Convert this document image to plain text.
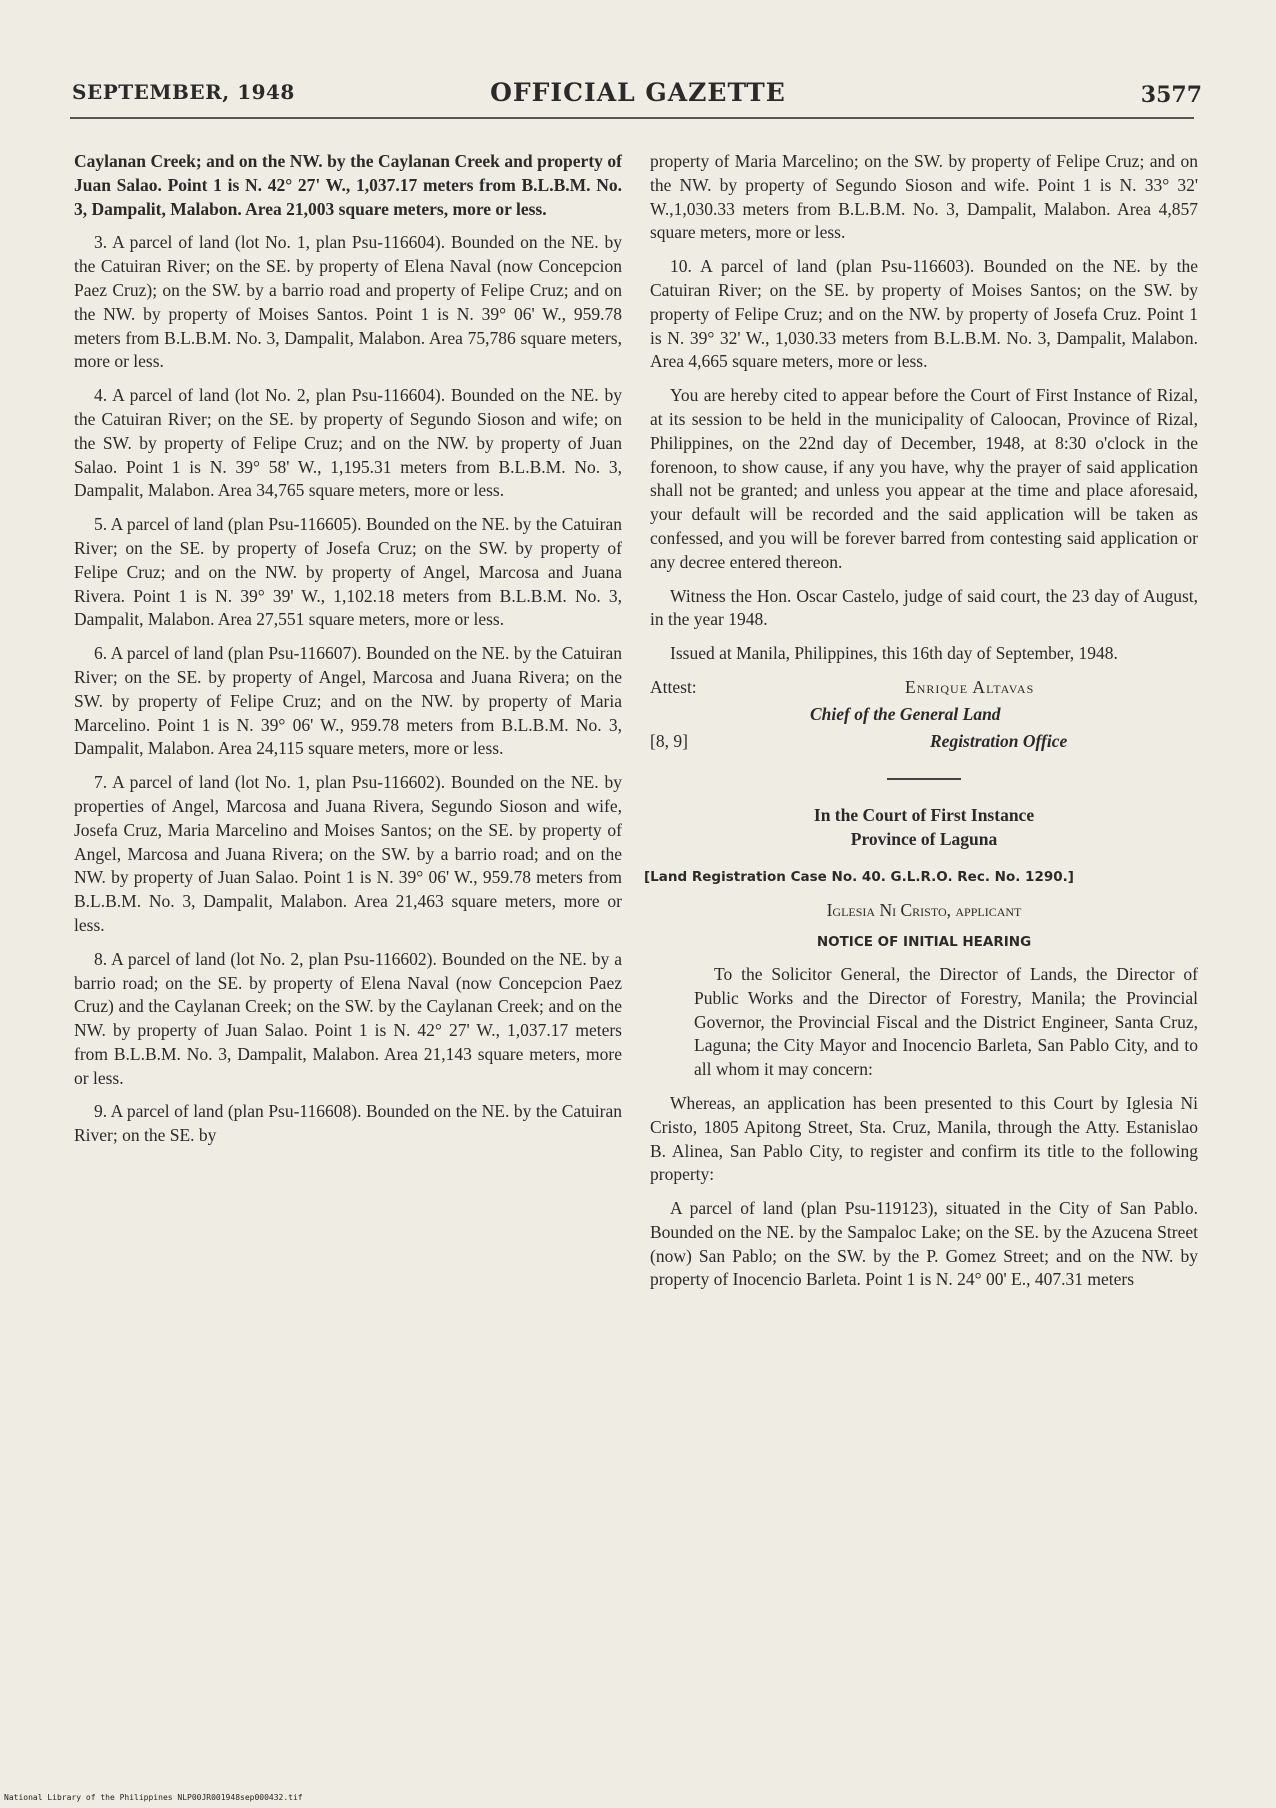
SEPTEMBER, 1948	OFFICIAL GAZETTE	3577

Caylanan Creek; and on the NW. by the Caylanan Creek and property of Juan Salao. Point 1 is N. 42° 27' W., 1,037.17 meters from B.L.B.M. No. 3, Dampalit, Malabon. Area 21,003 square meters, more or less.

3. A parcel of land (lot No. 1, plan Psu-116604). Bounded on the NE. by the Catuiran River; on the SE. by property of Elena Naval (now Concepcion Paez Cruz); on the SW. by a barrio road and property of Felipe Cruz; and on the NW. by property of Moises Santos. Point 1 is N. 39° 06' W., 959.78 meters from B.L.B.M. No. 3, Dampalit, Malabon. Area 75,786 square meters, more or less.

4. A parcel of land (lot No. 2, plan Psu-116604). Bounded on the NE. by the Catuiran River; on the SE. by property of Segundo Sioson and wife; on the SW. by property of Felipe Cruz; and on the NW. by property of Juan Salao. Point 1 is N. 39° 58' W., 1,195.31 meters from B.L.B.M. No. 3, Dampalit, Malabon. Area 34,765 square meters, more or less.

5. A parcel of land (plan Psu-116605). Bounded on the NE. by the Catuiran River; on the SE. by property of Josefa Cruz; on the SW. by property of Felipe Cruz; and on the NW. by property of Angel, Marcosa and Juana Rivera. Point 1 is N. 39° 39' W., 1,102.18 meters from B.L.B.M. No. 3, Dampalit, Malabon. Area 27,551 square meters, more or less.

6. A parcel of land (plan Psu-116607). Bounded on the NE. by the Catuiran River; on the SE. by property of Angel, Marcosa and Juana Rivera; on the SW. by property of Felipe Cruz; and on the NW. by property of Maria Marcelino. Point 1 is N. 39° 06' W., 959.78 meters from B.L.B.M. No. 3, Dampalit, Malabon. Area 24,115 square meters, more or less.

7. A parcel of land (lot No. 1, plan Psu-116602). Bounded on the NE. by properties of Angel, Marcosa and Juana Rivera, Segundo Sioson and wife, Josefa Cruz, Maria Marcelino and Moises Santos; on the SE. by property of Angel, Marcosa and Juana Rivera; on the SW. by a barrio road; and on the NW. by property of Juan Salao. Point 1 is N. 39° 06' W., 959.78 meters from B.L.B.M. No. 3, Dampalit, Malabon. Area 21,463 square meters, more or less.

8. A parcel of land (lot No. 2, plan Psu-116602). Bounded on the NE. by a barrio road; on the SE. by property of Elena Naval (now Concepcion Paez Cruz) and the Caylanan Creek; on the SW. by the Caylanan Creek; and on the NW. by property of Juan Salao. Point 1 is N. 42° 27' W., 1,037.17 meters from B.L.B.M. No. 3, Dampalit, Malabon. Area 21,143 square meters, more or less.

9. A parcel of land (plan Psu-116608). Bounded on the NE. by the Catuiran River; on the SE. by

property of Maria Marcelino; on the SW. by property of Felipe Cruz; and on the NW. by property of Segundo Sioson and wife. Point 1 is N. 33° 32' W.,1,030.33 meters from B.L.B.M. No. 3, Dampalit, Malabon. Area 4,857 square meters, more or less.

10. A parcel of land (plan Psu-116603). Bounded on the NE. by the Catuiran River; on the SE. by property of Moises Santos; on the SW. by property of Felipe Cruz; and on the NW. by property of Josefa Cruz. Point 1 is N. 39° 32' W., 1,030.33 meters from B.L.B.M. No. 3, Dampalit, Malabon. Area 4,665 square meters, more or less.

You are hereby cited to appear before the Court of First Instance of Rizal, at its session to be held in the municipality of Caloocan, Province of Rizal, Philippines, on the 22nd day of December, 1948, at 8:30 o'clock in the forenoon, to show cause, if any you have, why the prayer of said application shall not be granted; and unless you appear at the time and place aforesaid, your default will be recorded and the said application will be taken as confessed, and you will be forever barred from contesting said application or any decree entered thereon.

Witness the Hon. Oscar Castelo, judge of said court, the 23 day of August, in the year 1948.

Issued at Manila, Philippines, this 16th day of September, 1948.

Attest:	Enrique Altavas
Chief of the General Land
[8, 9]	Registration Office
In the Court of First Instance
Province of Laguna
[Land Registration Case No. 40. G.L.R.O. Rec. No. 1290.]
Iglesia Ni Cristo, applicant
NOTICE OF INITIAL HEARING

To the Solicitor General, the Director of Lands, the Director of Public Works and the Director of Forestry, Manila; the Provincial Governor, the Provincial Fiscal and the District Engineer, Santa Cruz, Laguna; the City Mayor and Inocencio Barleta, San Pablo City, and to all whom it may concern:

Whereas, an application has been presented to this Court by Iglesia Ni Cristo, 1805 Apitong Street, Sta. Cruz, Manila, through the Atty. Estanislao B. Alinea, San Pablo City, to register and confirm its title to the following property:

A parcel of land (plan Psu-119123), situated in the City of San Pablo. Bounded on the NE. by the Sampaloc Lake; on the SE. by the Azucena Street (now) San Pablo; on the SW. by the P. Gomez Street; and on the NW. by property of Inocencio Barleta. Point 1 is N. 24° 00' E., 407.31 meters

National Library of the Philippines NLP00JR001948sep000432.tif
